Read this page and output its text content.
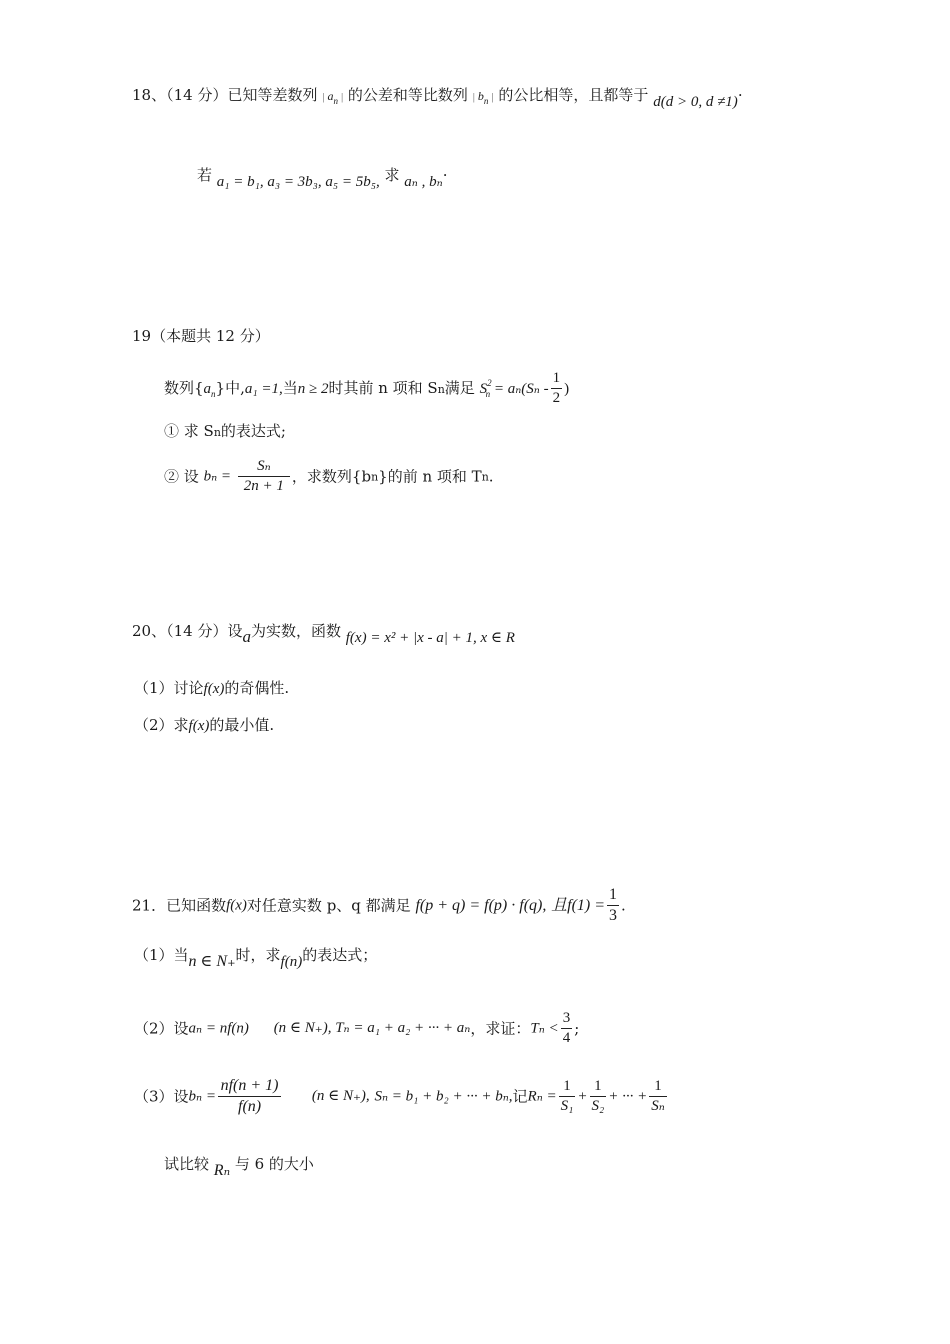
18、（14 分）已知等差数列 | $a_n$ | 的公差和等比数列 | $b_n$ | 的公比相等，且都等于 d(d > 0, d ≠1)·
若 a₁ = b₁, a₃ = 3b₃, a₅ = 5b₅, 求 aₙ , bₙ·
19（本题共 12 分）
数列$\{a_n\}$中,a₁ =1,当n ≥ 2时其前 n 项和 Sn满足 $S^2_n = a_n(S_n - \frac{1}{2}$ )
① 求 Sn的表达式;
② 设 $b_n = \frac{\text{Sₙ}}{2n + 1}$ ，求数列{bn}的前 n 项和 Tn.
20、（14 分）设a为实数，函数 f(x) = x² + |x - a| + 1, x ∈ R
（1）讨论f(x)的奇偶性.
（2）求f(x)的最小值.
21．已知函数f(x)对任意实数 p、q 都满足 f(p + q) = f(p) · f(q), 且$f(1) = \frac{1}{3}$ .
（1）当n ∈ N₊时，求f(n)的表达式；
（2）设aₙ = nf(n) (n ∈ N₊), Tₙ = a₁ + a₂ + ··· + aₙ，求证：$T_n < \frac{3}{4}$ ;
（3）设$b_n = \frac{nf(n + 1)}{f(n)} (n$ ∈ N₊), Sₙ = b₁ + b₂ + ··· + bₙ,记$R_n = \frac{1}{\text{S₁}} + \frac{1}{\text{S₂}}$ + ··· + $\frac{1}{\text{Sₙ}}$
试比较 Rₙ 与 6 的大小
